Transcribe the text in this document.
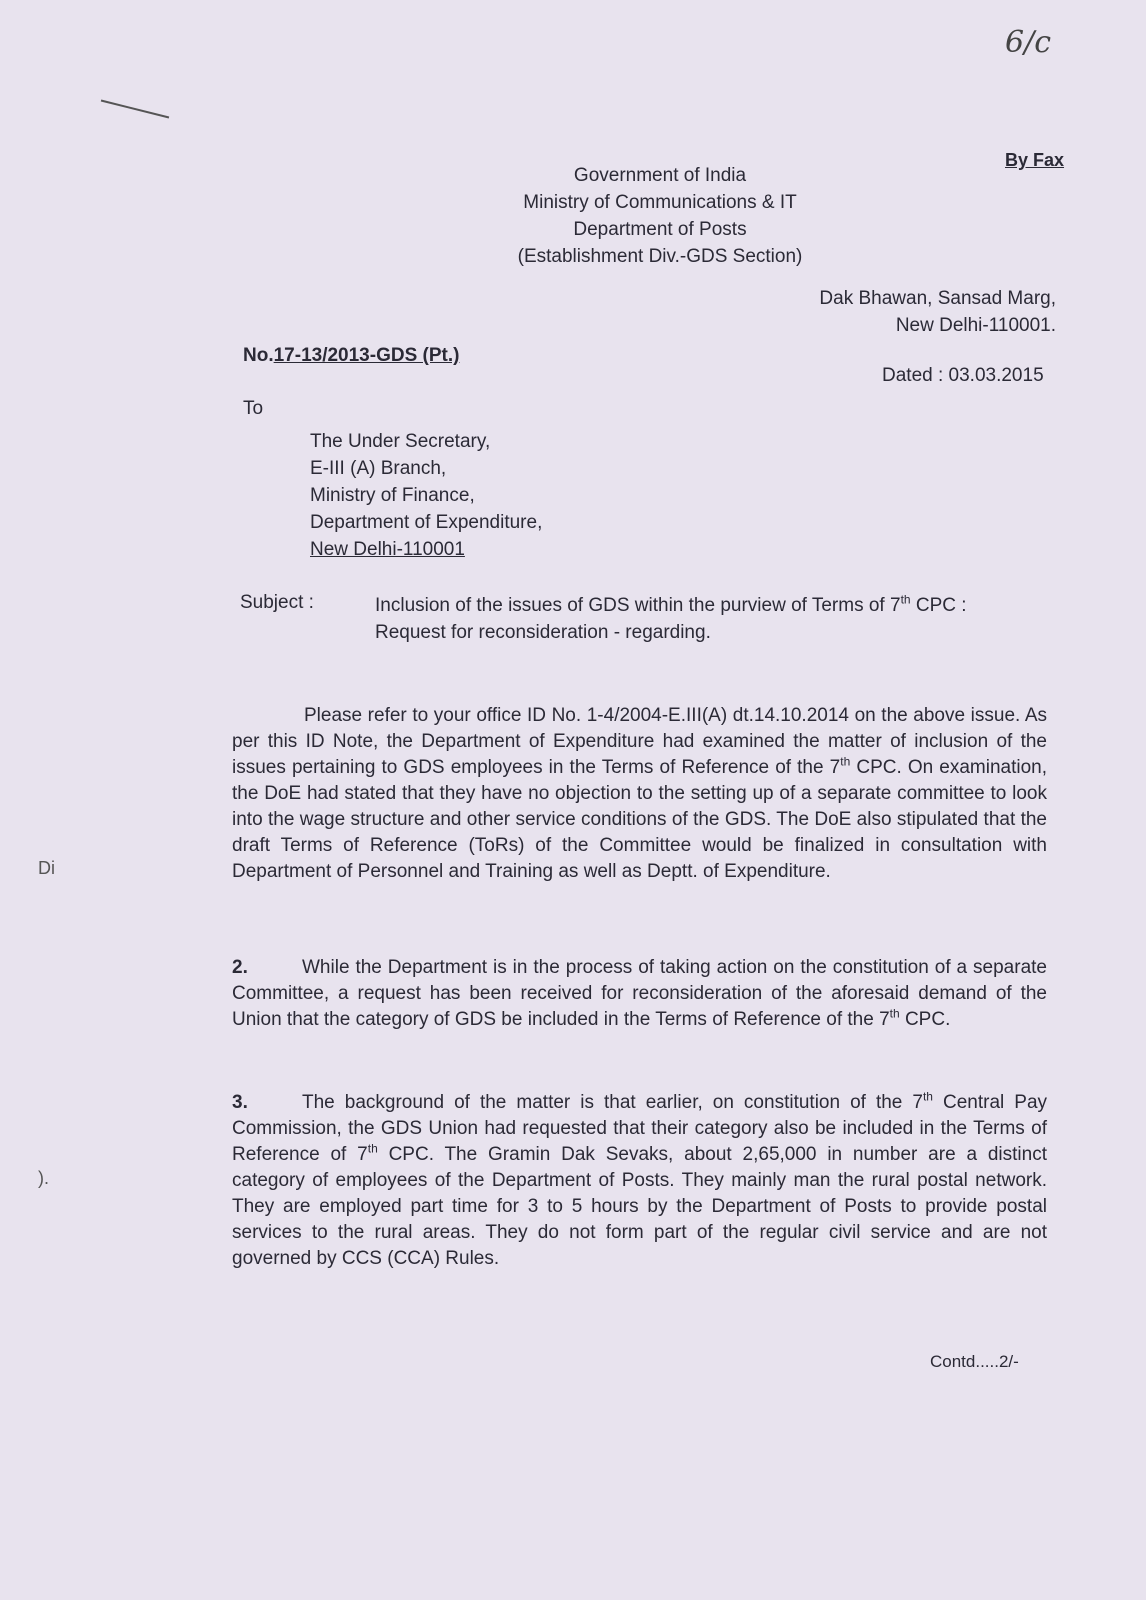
6/c
By Fax
Government of India
Ministry of Communications & IT
Department of Posts
(Establishment Div.-GDS Section)
Dak Bhawan, Sansad Marg,
New Delhi-110001.
No.17-13/2013-GDS (Pt.)
Dated : 03.03.2015
To
The Under Secretary,
E-III (A) Branch,
Ministry of Finance,
Department of Expenditure,
New Delhi-110001
Subject :	Inclusion of the issues of GDS within the purview of Terms of 7th CPC :
Request for reconsideration - regarding.
Please refer to your office ID No. 1-4/2004-E.III(A) dt.14.10.2014 on the above issue. As per this ID Note, the Department of Expenditure had examined the matter of inclusion of the issues pertaining to GDS employees in the Terms of Reference of the 7th CPC. On examination, the DoE had stated that they have no objection to the setting up of a separate committee to look into the wage structure and other service conditions of the GDS. The DoE also stipulated that the draft Terms of Reference (ToRs) of the Committee would be finalized in consultation with Department of Personnel and Training as well as Deptt. of Expenditure.
2.	While the Department is in the process of taking action on the constitution of a separate Committee, a request has been received for reconsideration of the aforesaid demand of the Union that the category of GDS be included in the Terms of Reference of the 7th CPC.
3.	The background of the matter is that earlier, on constitution of the 7th Central Pay Commission, the GDS Union had requested that their category also be included in the Terms of Reference of 7th CPC. The Gramin Dak Sevaks, about 2,65,000 in number are a distinct category of employees of the Department of Posts. They mainly man the rural postal network. They are employed part time for 3 to 5 hours by the Department of Posts to provide postal services to the rural areas. They do not form part of the regular civil service and are not governed by CCS (CCA) Rules.
Contd.....2/-
Di
).
